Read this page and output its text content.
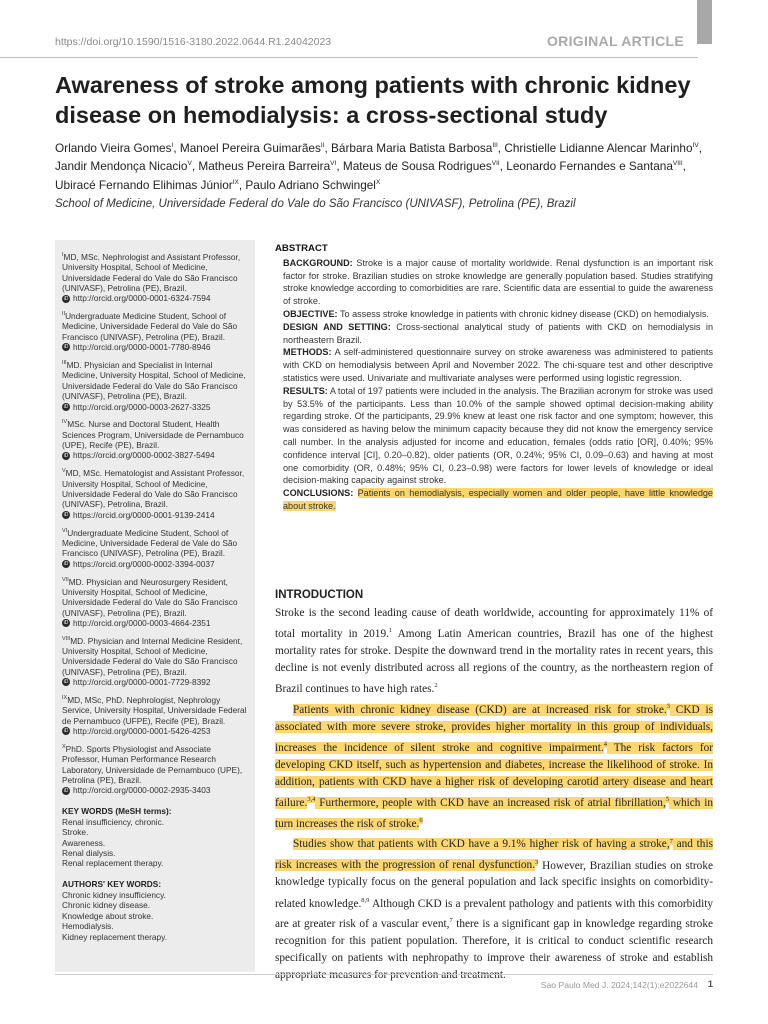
https://doi.org/10.1590/1516-3180.2022.0644.R1.24042023	ORIGINAL ARTICLE
Awareness of stroke among patients with chronic kidney disease on hemodialysis: a cross-sectional study
Orlando Vieira Gomes$^I$, Manoel Pereira Guimarães$^{II}$, Bárbara Maria Batista Barbosa$^{III}$, Christielle Lidianne Alencar Marinho$^{IV}$, Jandir Mendonça Nicacio$^V$, Matheus Pereira Barreira$^{VI}$, Mateus de Sousa Rodrigues$^{VII}$, Leonardo Fernandes e Santana$^{VIII}$, Ubiracé Fernando Elihimas Júnior$^{IX}$, Paulo Adriano Schwingel$^X$
School of Medicine, Universidade Federal do Vale do São Francisco (UNIVASF), Petrolina (PE), Brazil
$^I$MD, MSc. Nephrologist and Assistant Professor, University Hospital, School of Medicine, Universidade Federal do Vale do São Francisco (UNIVASF), Petrolina (PE), Brazil.
iD http://orcid.org/0000-0001-6324-7594
$^{II}$Undergraduate Medicine Student, School of Medicine, Universidade Federal do Vale do São Francisco (UNIVASF), Petrolina (PE), Brazil.
iD http://orcid.org/0000-0001-7780-8946
$^{III}$MD. Physician and Specialist in Internal Medicine, University Hospital, School of Medicine, Universidade Federal do Vale do São Francisco (UNIVASF), Petrolina (PE), Brazil.
iD http://orcid.org/0000-0003-2627-3325
$^{IV}$MSc. Nurse and Doctoral Student, Health Sciences Program, Universidade de Pernambuco (UPE), Recife (PE), Brazil.
iD https://orcid.org/0000-0002-3827-5494
$^V$MD, MSc. Hematologist and Assistant Professor, University Hospital, School of Medicine, Universidade Federal do Vale do São Francisco (UNIVASF), Petrolina, Brazil.
iD https://orcid.org/0000-0001-9139-2414
$^{VI}$Undergraduate Medicine Student, School of Medicine, Universidade Federal de Vale do São Francisco (UNIVASF), Petrolina (PE), Brazil.
iD https://orcid.org/0000-0002-3394-0037
$^{VII}$MD. Physician and Neurosurgery Resident, University Hospital, School of Medicine, Universidade Federal do Vale do São Francisco (UNIVASF), Petrolina (PE), Brazil.
iD http://orcid.org/0000-0003-4664-2351
$^{VIII}$MD. Physician and Internal Medicine Resident, University Hospital, School of Medicine, Universidade Federal do Vale do São Francisco (UNIVASF), Petrolina (PE), Brazil.
iD http://orcid.org/0000-0001-7729-8392
$^{IX}$MD, MSc, PhD. Nephrologist, Nephrology Service, University Hospital, Universidade Federal de Pernambuco (UFPE), Recife (PE), Brazil.
iD http://orcid.org/0000-0001-5426-4253
$^X$PhD. Sports Physiologist and Associate Professor, Human Performance Research Laboratory, Universidade de Pernambuco (UPE), Petrolina (PE), Brazil.
iD http://orcid.org/0000-0002-2935-3403
KEY WORDS (MeSH terms):
Renal insufficiency, chronic.
Stroke.
Awareness.
Renal dialysis.
Renal replacement therapy.
AUTHORS' KEY WORDS:
Chronic kidney insufficiency.
Chronic kidney disease.
Knowledge about stroke.
Hemodialysis.
Kidney replacement therapy.
ABSTRACT
BACKGROUND: Stroke is a major cause of mortality worldwide. Renal dysfunction is an important risk factor for stroke. Brazilian studies on stroke knowledge are generally population based. Studies stratifying stroke knowledge according to comorbidities are rare. Scientific data are essential to guide the awareness of stroke.
OBJECTIVE: To assess stroke knowledge in patients with chronic kidney disease (CKD) on hemodialysis.
DESIGN AND SETTING: Cross-sectional analytical study of patients with CKD on hemodialysis in northeastern Brazil.
METHODS: A self-administered questionnaire survey on stroke awareness was administered to patients with CKD on hemodialysis between April and November 2022. The chi-square test and other descriptive statistics were used. Univariate and multivariate analyses were performed using logistic regression.
RESULTS: A total of 197 patients were included in the analysis. The Brazilian acronym for stroke was used by 53.5% of the participants. Less than 10.0% of the sample showed optimal decision-making ability regarding stroke. Of the participants, 29.9% knew at least one risk factor and one symptom; however, this was considered as having below the minimum capacity because they did not know the emergency service call number. In the analysis adjusted for income and education, females (odds ratio [OR], 0.40%; 95% confidence interval [CI], 0.20–0.82), older patients (OR, 0.24%; 95% CI, 0.09–0.63) and having at most one comorbidity (OR, 0.48%; 95% CI, 0.23–0.98) were factors for lower levels of knowledge or ideal decision-making capacity against stroke.
CONCLUSIONS: Patients on hemodialysis, especially women and older people, have little knowledge about stroke.
INTRODUCTION

Stroke is the second leading cause of death worldwide, accounting for approximately 11% of total mortality in 2019.$^1$ Among Latin American countries, Brazil has one of the highest mortality rates for stroke. Despite the downward trend in the mortality rates in recent years, this decline is not evenly distributed across all regions of the country, as the northeastern region of Brazil continues to have high rates.$^2$

Patients with chronic kidney disease (CKD) are at increased risk for stroke.$^3$ CKD is associated with more severe stroke, provides higher mortality in this group of individuals, increases the incidence of silent stroke and cognitive impairment.$^4$ The risk factors for developing CKD itself, such as hypertension and diabetes, increase the likelihood of stroke. In addition, patients with CKD have a higher risk of developing carotid artery disease and heart failure.$^{3,4}$ Furthermore, people with CKD have an increased risk of atrial fibrillation,$^5$ which in turn increases the risk of stroke.$^6$

Studies show that patients with CKD have a 9.1% higher risk of having a stroke,$^7$ and this risk increases with the progression of renal dysfunction.$^3$ However, Brazilian studies on stroke knowledge typically focus on the general population and lack specific insights on comorbidity-related knowledge.$^{8,9}$ Although CKD is a prevalent pathology and patients with this comorbidity are at greater risk of a vascular event,$^7$ there is a significant gap in knowledge regarding stroke recognition for this patient population. Therefore, it is critical to conduct scientific research specifically on patients with nephropathy to improve their awareness of stroke and establish appropriate measures for prevention and treatment.

Sao Paulo Med J. 2024;142(1):e2022644 1
